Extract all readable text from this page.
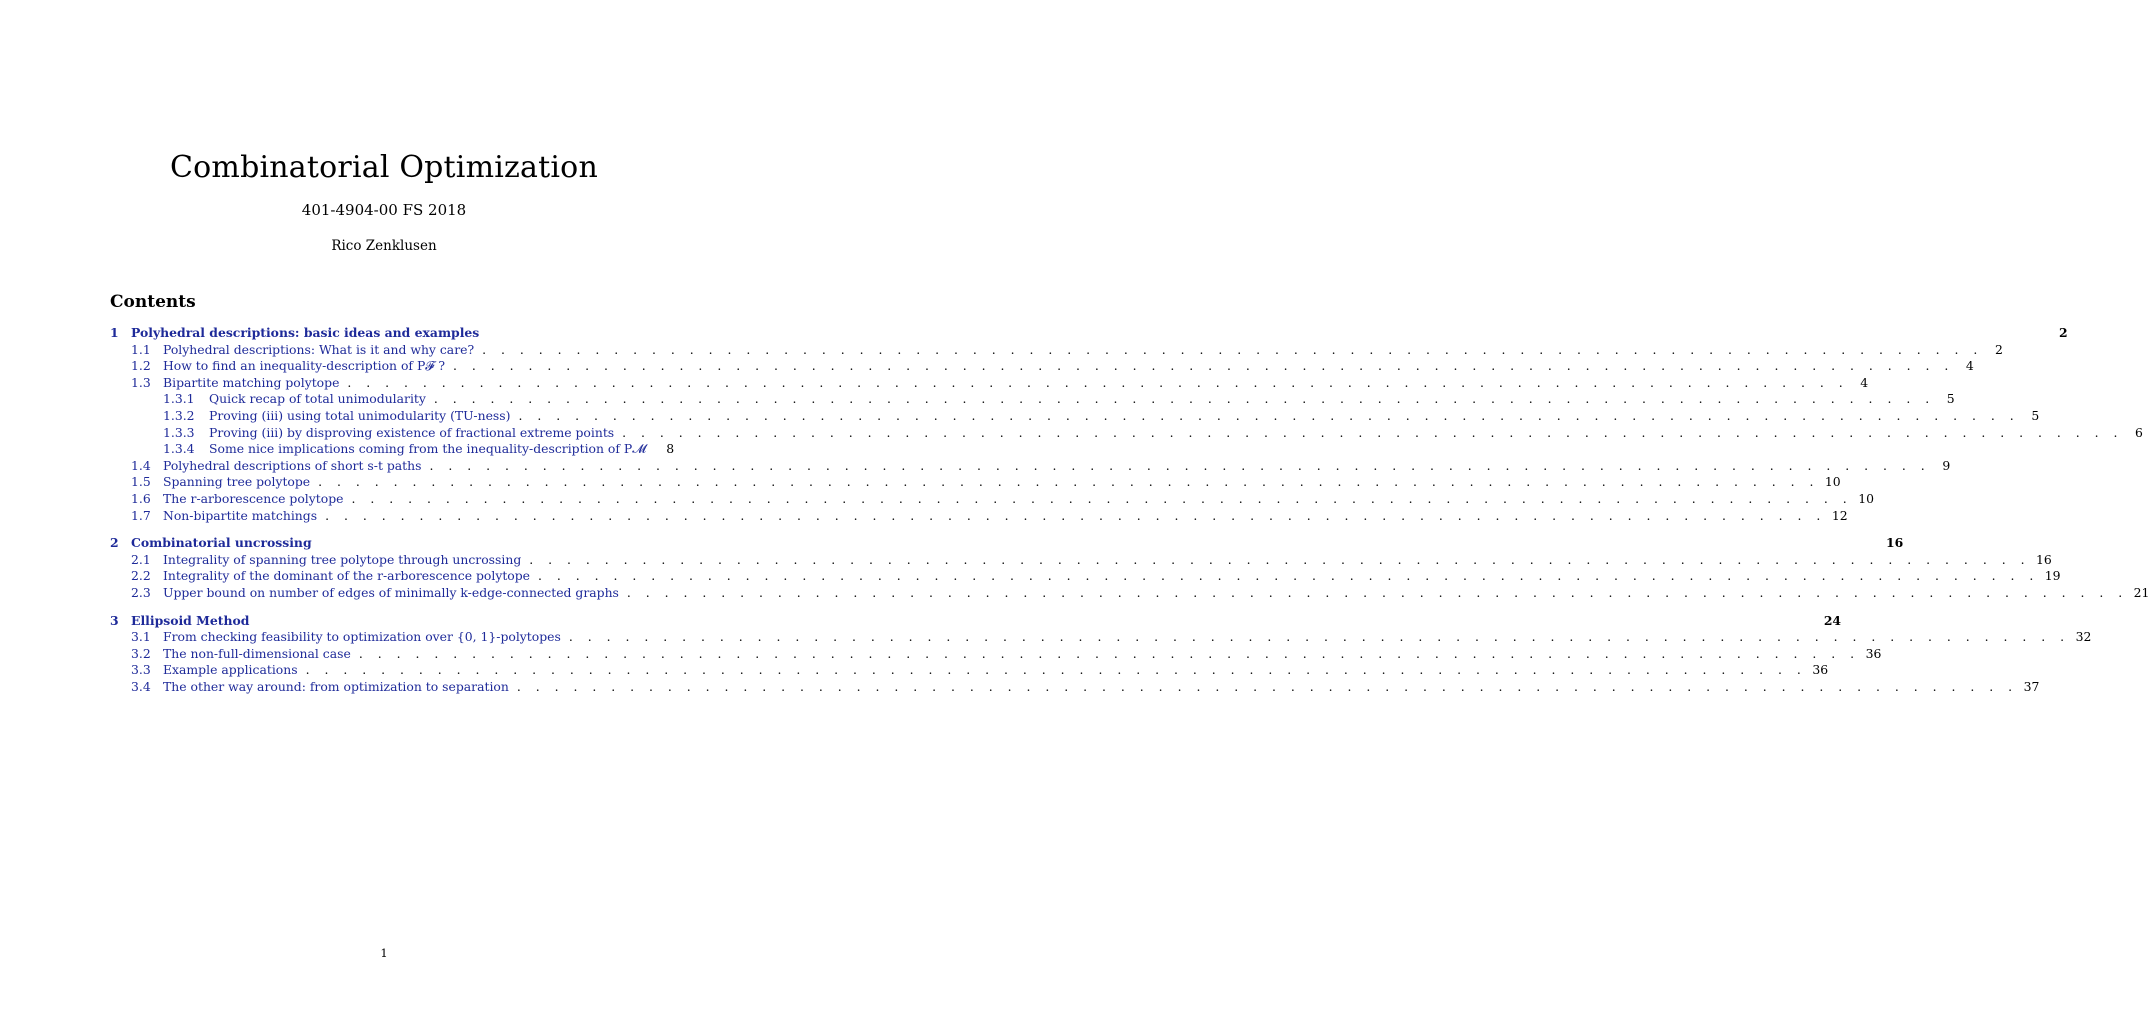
Combinatorial Optimization
401-4904-00 FS 2018
Rico Zenklusen
Contents
1 Polyhedral descriptions: basic ideas and examples	2
1.1 Polyhedral descriptions: What is it and why care? . . . . . . . . . . . . . . . . . . . . . . . . . . . . . . . . . . . . . . . . . . . . . . . . . . . . . . . . . . . . . . . . . . . . . . . . . . . . . . . . 2
1.2 How to find an inequality-description of P𝓕 ? . . . . . . . . . . . . . . . . . . . . . . . . . . . . . . . . . . . . . . . . . . . . . . . . . . . . . . . . . . . . . . . . . . . . . . . . . . . . . . . . 4
1.3 Bipartite matching polytope . . . . . . . . . . . . . . . . . . . . . . . . . . . . . . . . . . . . . . . . . . . . . . . . . . . . . . . . . . . . . . . . . . . . . . . . . . . . . . . . 4
1.3.1	Quick recap of total unimodularity . . . . . . . . . . . . . . . . . . . . . . . . . . . . . . . . . . . . . . . . . . . . . . . . . . . . . . . . . . . . . . . . . . . . . . . . . . . . . . . . 5
1.3.2	Proving (iii) using total unimodularity (TU-ness) . . . . . . . . . . . . . . . . . . . . . . . . . . . . . . . . . . . . . . . . . . . . . . . . . . . . . . . . . . . . . . . . . . . . . . . . . . . . . . . . 5
1.3.3	Proving (iii) by disproving existence of fractional extreme points . . . . . . . . . . . . . . . . . . . . . . . . . . . . . . . . . . . . . . . . . . . . . . . . . . . . . . . . . . . . . . . . . . . . . . . . . . . . . . . . 6
1.3.4	Some nice implications coming from the inequality-description of P𝓜	8
1.4 Polyhedral descriptions of short s-t paths . . . . . . . . . . . . . . . . . . . . . . . . . . . . . . . . . . . . . . . . . . . . . . . . . . . . . . . . . . . . . . . . . . . . . . . . . . . . . . . . 9
1.5 Spanning tree polytope . . . . . . . . . . . . . . . . . . . . . . . . . . . . . . . . . . . . . . . . . . . . . . . . . . . . . . . . . . . . . . . . . . . . . . . . . . . . . . . . 10
1.6 The r-arborescence polytope . . . . . . . . . . . . . . . . . . . . . . . . . . . . . . . . . . . . . . . . . . . . . . . . . . . . . . . . . . . . . . . . . . . . . . . . . . . . . . . . 10
1.7 Non-bipartite matchings . . . . . . . . . . . . . . . . . . . . . . . . . . . . . . . . . . . . . . . . . . . . . . . . . . . . . . . . . . . . . . . . . . . . . . . . . . . . . . . . 12
2 Combinatorial uncrossing	16
2.1 Integrality of spanning tree polytope through uncrossing . . . . . . . . . . . . . . . . . . . . . . . . . . . . . . . . . . . . . . . . . . . . . . . . . . . . . . . . . . . . . . . . . . . . . . . . . . . . . . . . 16
2.2 Integrality of the dominant of the r-arborescence polytope . . . . . . . . . . . . . . . . . . . . . . . . . . . . . . . . . . . . . . . . . . . . . . . . . . . . . . . . . . . . . . . . . . . . . . . . . . . . . . . . 19
2.3 Upper bound on number of edges of minimally k-edge-connected graphs . . . . . . . . . . . . . . . . . . . . . . . . . . . . . . . . . . . . . . . . . . . . . . . . . . . . . . . . . . . . . . . . . . . . . . . . . . . . . . . . 21
3 Ellipsoid Method	24
3.1 From checking feasibility to optimization over {0, 1}-polytopes . . . . . . . . . . . . . . . . . . . . . . . . . . . . . . . . . . . . . . . . . . . . . . . . . . . . . . . . . . . . . . . . . . . . . . . . . . . . . . . . 32
3.2 The non-full-dimensional case . . . . . . . . . . . . . . . . . . . . . . . . . . . . . . . . . . . . . . . . . . . . . . . . . . . . . . . . . . . . . . . . . . . . . . . . . . . . . . . . 36
3.3 Example applications . . . . . . . . . . . . . . . . . . . . . . . . . . . . . . . . . . . . . . . . . . . . . . . . . . . . . . . . . . . . . . . . . . . . . . . . . . . . . . . . 36
3.4 The other way around: from optimization to separation . . . . . . . . . . . . . . . . . . . . . . . . . . . . . . . . . . . . . . . . . . . . . . . . . . . . . . . . . . . . . . . . . . . . . . . . . . . . . . . . 37
1
